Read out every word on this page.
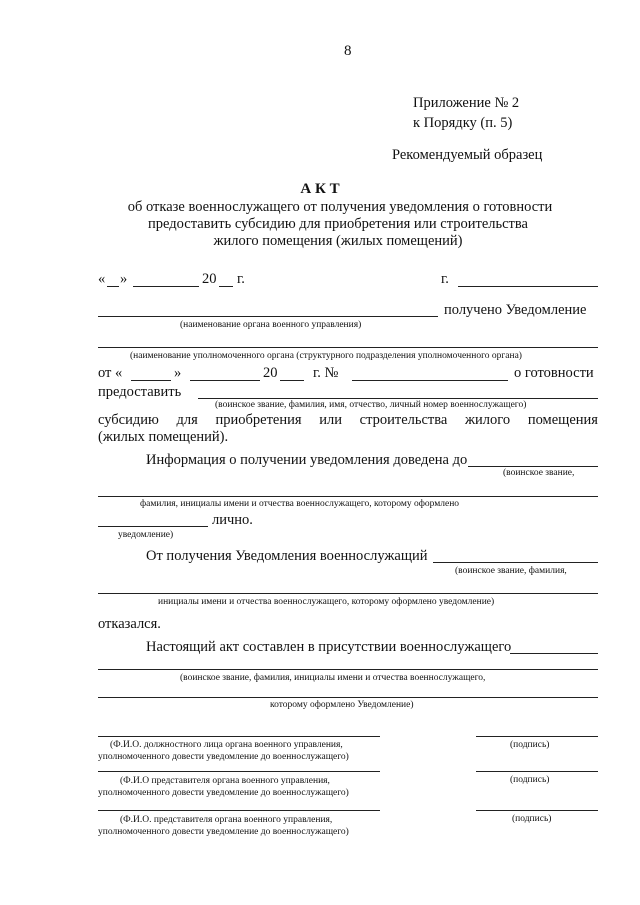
8
Приложение № 2
к Порядку (п. 5)
Рекомендуемый образец
А К Т
об отказе военнослужащего от получения уведомления о готовности
предоставить субсидию для приобретения или строительства
жилого помещения (жилых помещений)
« »	20 г.	г.
получено Уведомление
(наименование органа военного управления)
(наименование уполномоченного органа (структурного подразделения уполномоченного органа)
от «	»	20 г. №	о готовности
предоставить
(воинское звание, фамилия, имя, отчество, личный номер военнослужащего)
субсидию для приобретения или строительства жилого помещения
(жилых помещений).
Информация о получении уведомления доведена до
(воинское звание,
фамилия, инициалы имени и отчества военнослужащего, которому оформлено
лично.
уведомление)
От получения Уведомления военнослужащий
(воинское звание, фамилия,
инициалы имени и отчества военнослужащего, которому оформлено уведомление)
отказался.
Настоящий акт составлен в присутствии военнослужащего
(воинское звание, фамилия, инициалы имени и отчества военнослужащего,
которому оформлено Уведомление)
(Ф.И.О. должностного лица органа военного управления,
уполномоченного довести уведомление до военнослужащего)
(подпись)
(Ф.И.О представителя органа военного управления,
уполномоченного довести уведомление до военнослужащего)
(подпись)
(Ф.И.О. представителя органа военного управления,
уполномоченного довести уведомление до военнослужащего)
(подпись)
